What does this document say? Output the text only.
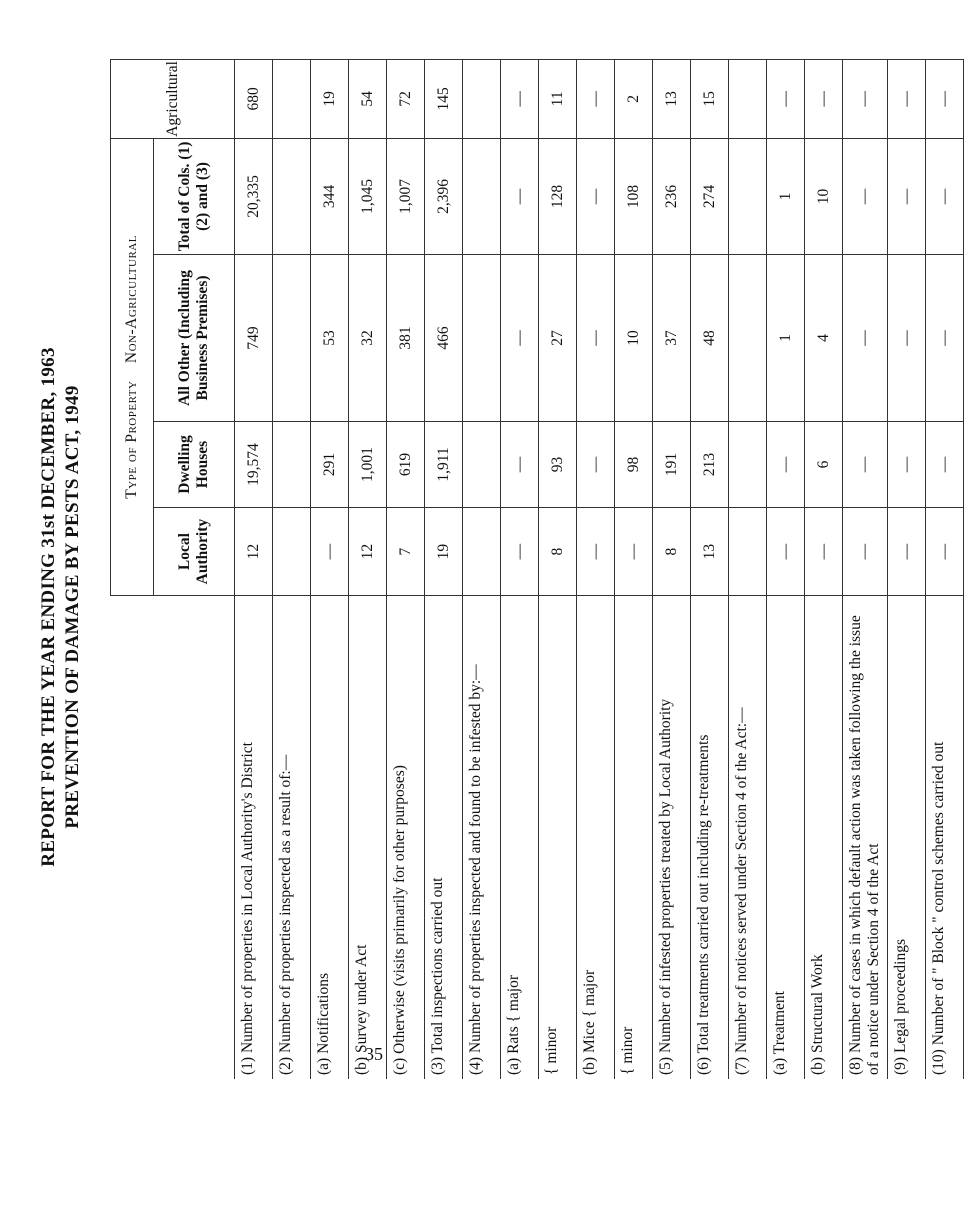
REPORT FOR THE YEAR ENDING 31st DECEMBER, 1963 PREVENTION OF DAMAGE BY PESTS ACT, 1949
		Type of Property    Non-Agricultural				Agricultural
	Local Authority	Dwelling Houses	All Other (Including Business Premises)	Total of Cols. (1) (2) and (3)	
(1) Number of properties in Local Authority's District	12	19,574	749	20,335	680
(2) Number of properties inspected as a result of:—					
(a) Notifications	—	291	53	344	19
(b) Survey under Act	12	1,001	32	1,045	54
(c) Otherwise (visits primarily for other purposes)	7	619	381	1,007	72
(3) Total inspections carried out	19	1,911	466	2,396	145
(4) Number of properties inspected and found to be infested by:—					
(a) Rats { major	—	—	—	—	—
{ minor	8	93	27	128	11
(b) Mice { major	—	—	—	—	—
{ minor	—	98	10	108	2
(5) Number of infested properties treated by Local Authority	8	191	37	236	13
(6) Total treatments carried out including re-treatments	13	213	48	274	15
(7) Number of notices served under Section 4 of the Act:—					
(a) Treatment	—	—	1	1	—
(b) Structural Work	—	6	4	10	—
(8) Number of cases in which default action was taken following the issue of a notice under Section 4 of the Act	—	—	—	—	—
(9) Legal proceedings	—	—	—	—	—
(10) Number of " Block " control schemes carried out	—	—	—	—	—
35
